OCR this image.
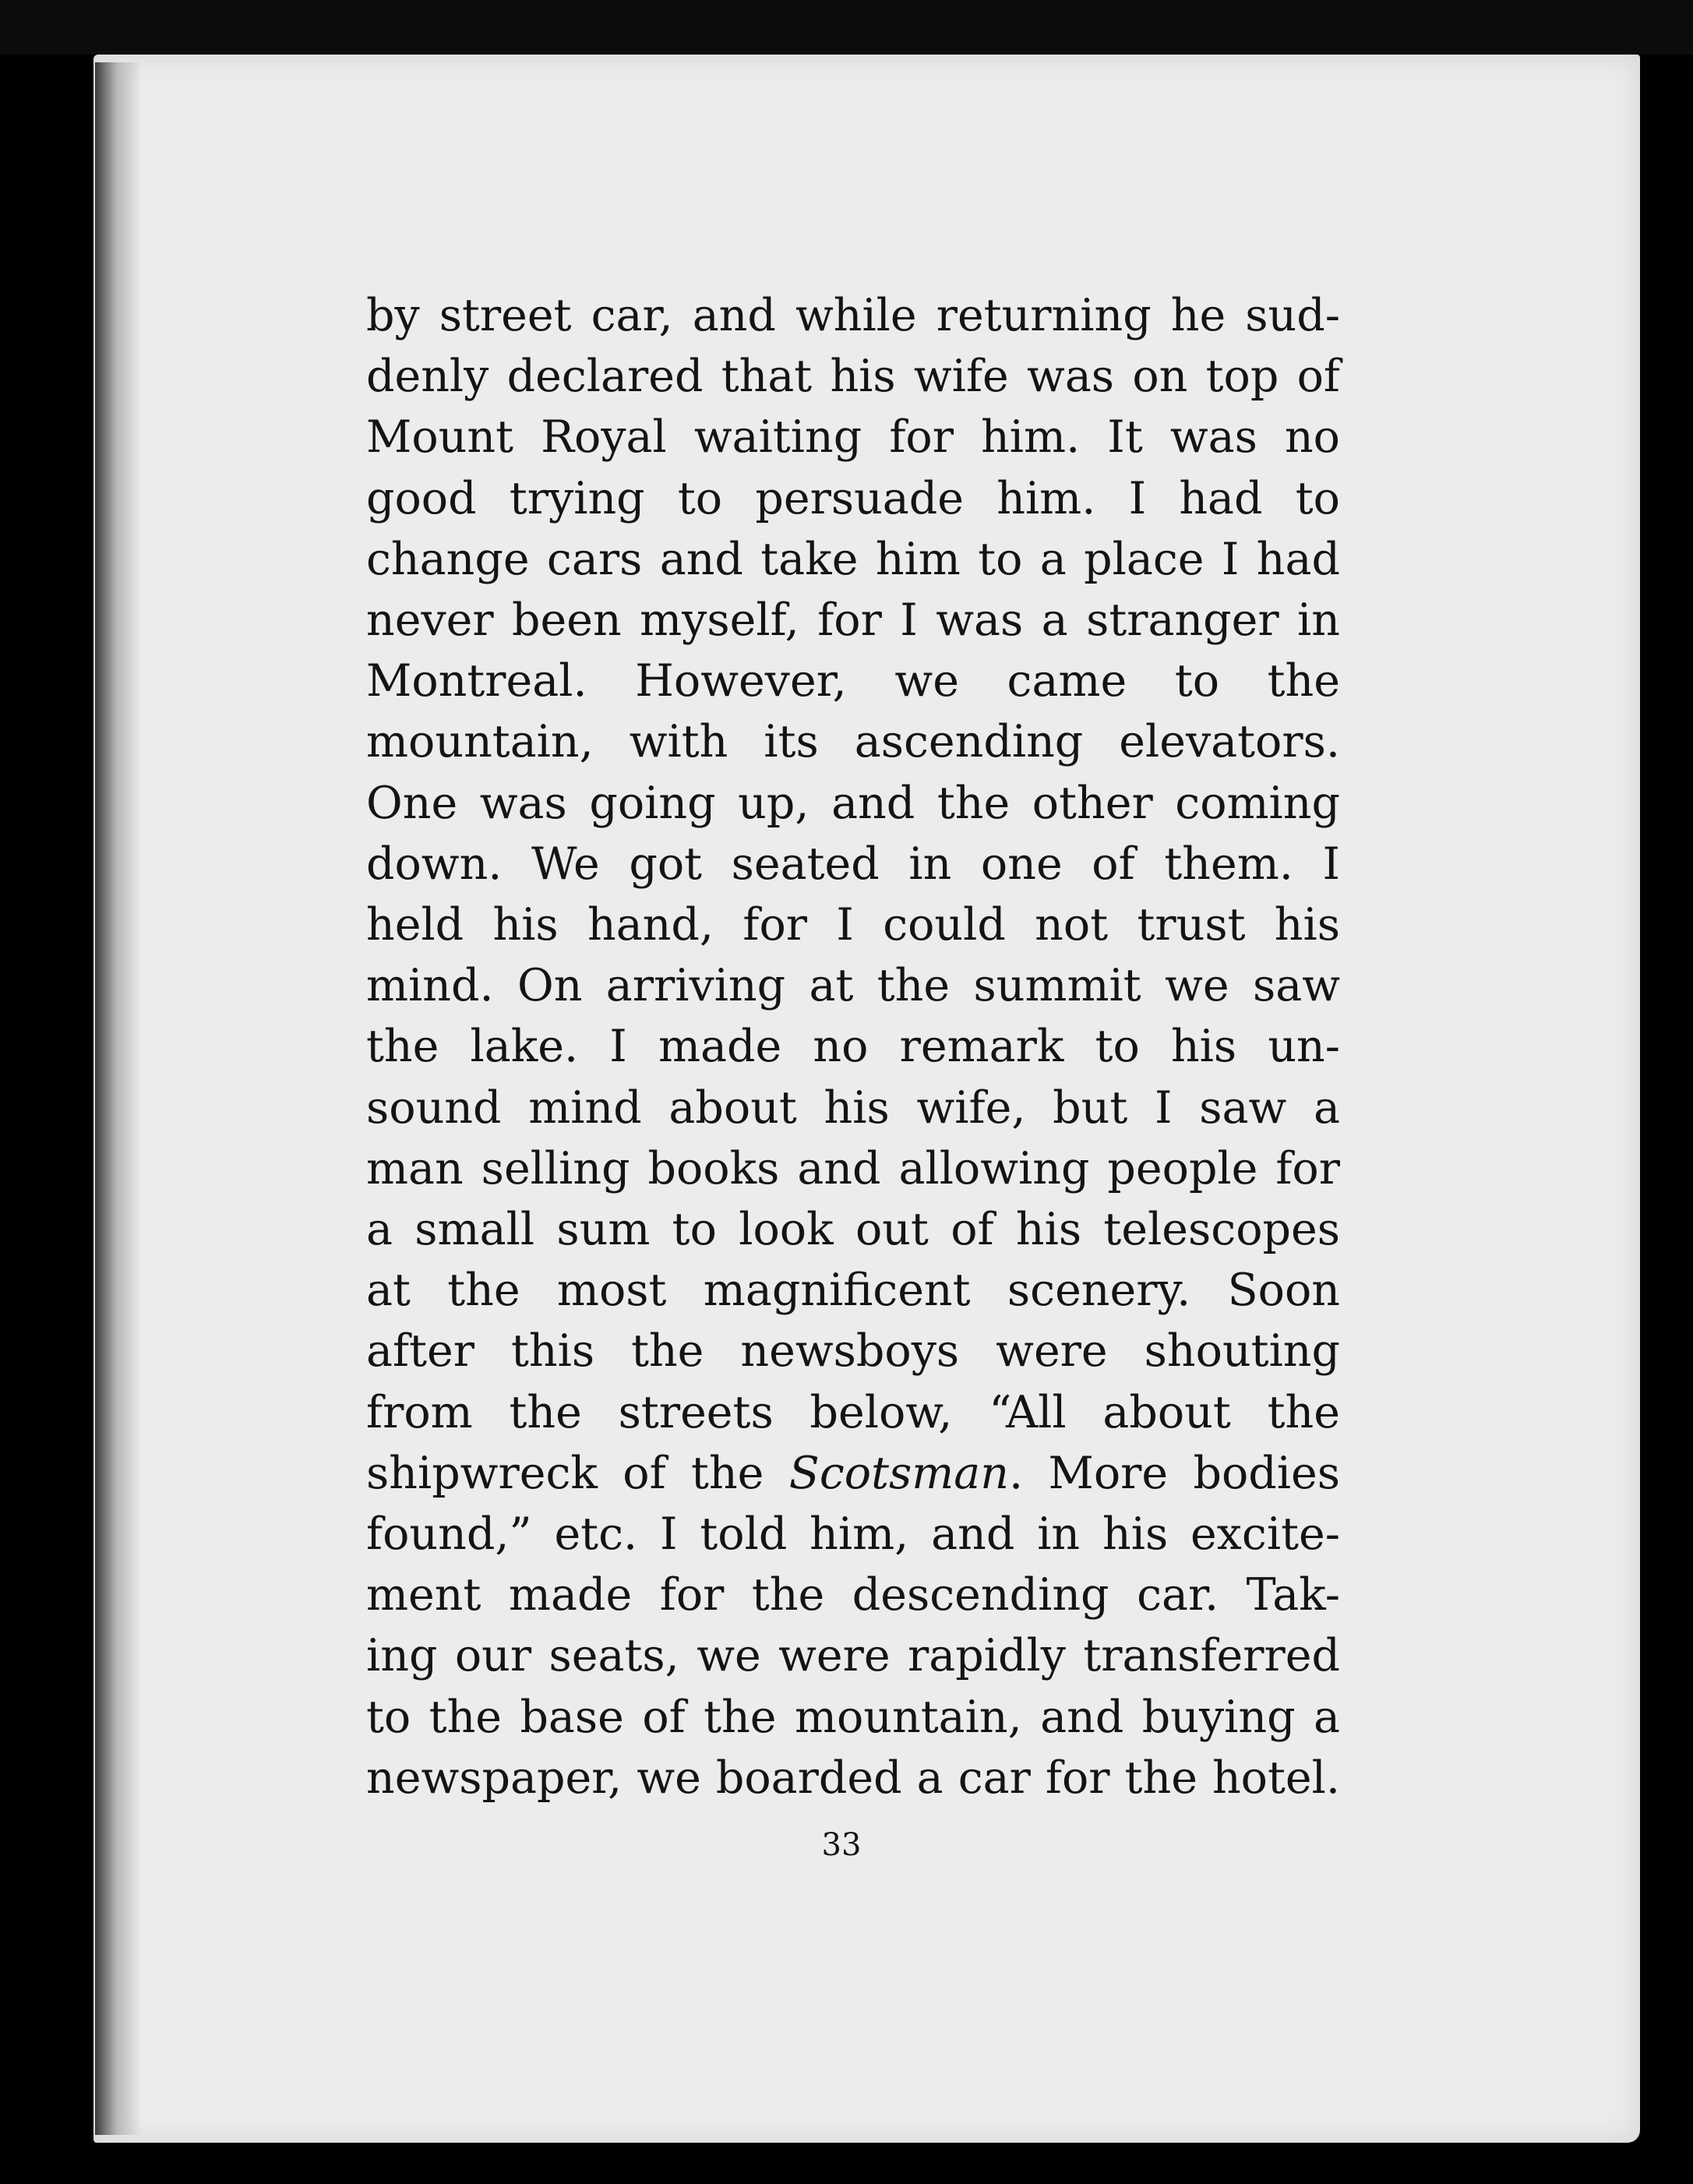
by street car, and while returning he sud-
denly declared that his wife was on top of
Mount Royal waiting for him. It was no
good trying to persuade him. I had to
change cars and take him to a place I had
never been myself, for I was a stranger in
Montreal. However, we came to the
mountain, with its ascending elevators.
One was going up, and the other coming
down. We got seated in one of them. I
held his hand, for I could not trust his
mind. On arriving at the summit we saw
the lake. I made no remark to his un-
sound mind about his wife, but I saw a
man selling books and allowing people for
a small sum to look out of his telescopes
at the most magnificent scenery. Soon
after this the newsboys were shouting
from the streets below, “All about the
shipwreck of the Scotsman. More bodies
found,” etc. I told him, and in his excite-
ment made for the descending car. Tak-
ing our seats, we were rapidly transferred
to the base of the mountain, and buying a
newspaper, we boarded a car for the hotel.
33
